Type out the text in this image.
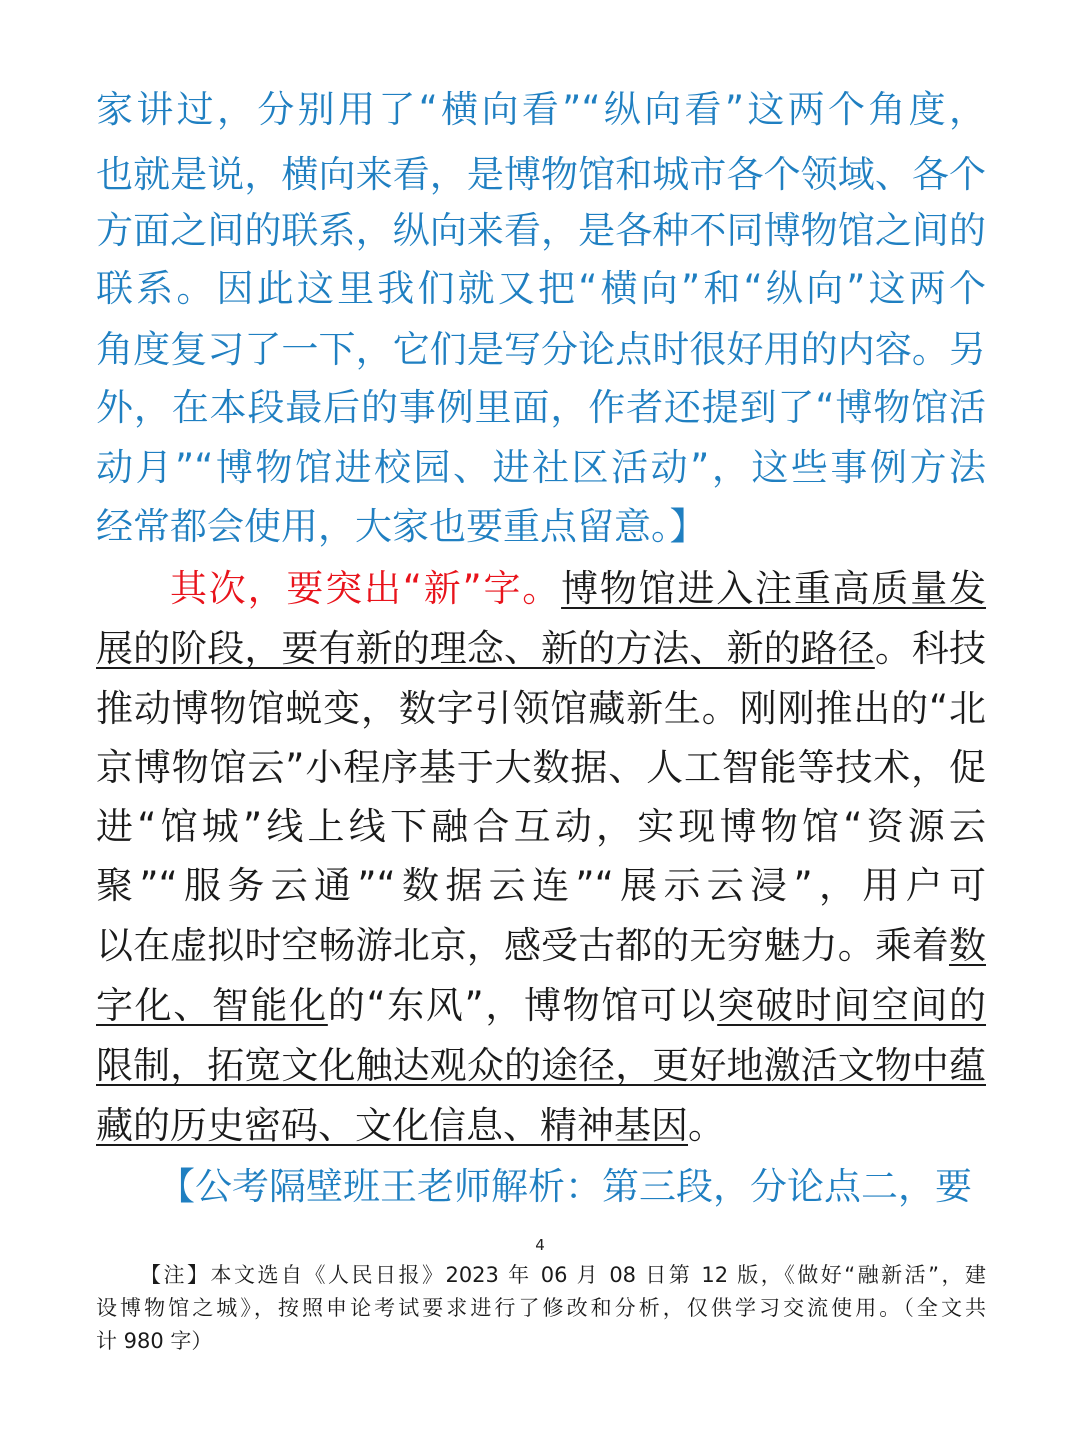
家讲过，分别用了“横向看”“纵向看”这两个角度，
也就是说，横向来看，是博物馆和城市各个领域、各个
方面之间的联系，纵向来看，是各种不同博物馆之间的
联系。因此这里我们就又把“横向”和“纵向”这两个
角度复习了一下，它们是写分论点时很好用的内容。另
外，在本段最后的事例里面，作者还提到了“博物馆活
动月”“博物馆进校园、进社区活动”，这些事例方法
经常都会使用，大家也要重点留意。】
其次，要突出“新”字。博物馆进入注重高质量发
展的阶段，要有新的理念、新的方法、新的路径。科技
推动博物馆蜕变，数字引领馆藏新生。刚刚推出的“北
京博物馆云”小程序基于大数据、人工智能等技术，促
进“馆城”线上线下融合互动，实现博物馆“资源云
聚”“服务云通”“数据云连”“展示云浸”，用户可
以在虚拟时空畅游北京，感受古都的无穷魅力。乘着数
字化、智能化的“东风”，博物馆可以突破时间空间的
限制，拓宽文化触达观众的途径，更好地激活文物中蕴
藏的历史密码、文化信息、精神基因。
【公考隔壁班王老师解析：第三段，分论点二，要
4
【注】本文选自《人民日报》2023 年 06 月 08 日第 12 版，《做好“融新活”，建
设博物馆之城》，按照申论考试要求进行了修改和分析，仅供学习交流使用。（全文共
计 980 字）
